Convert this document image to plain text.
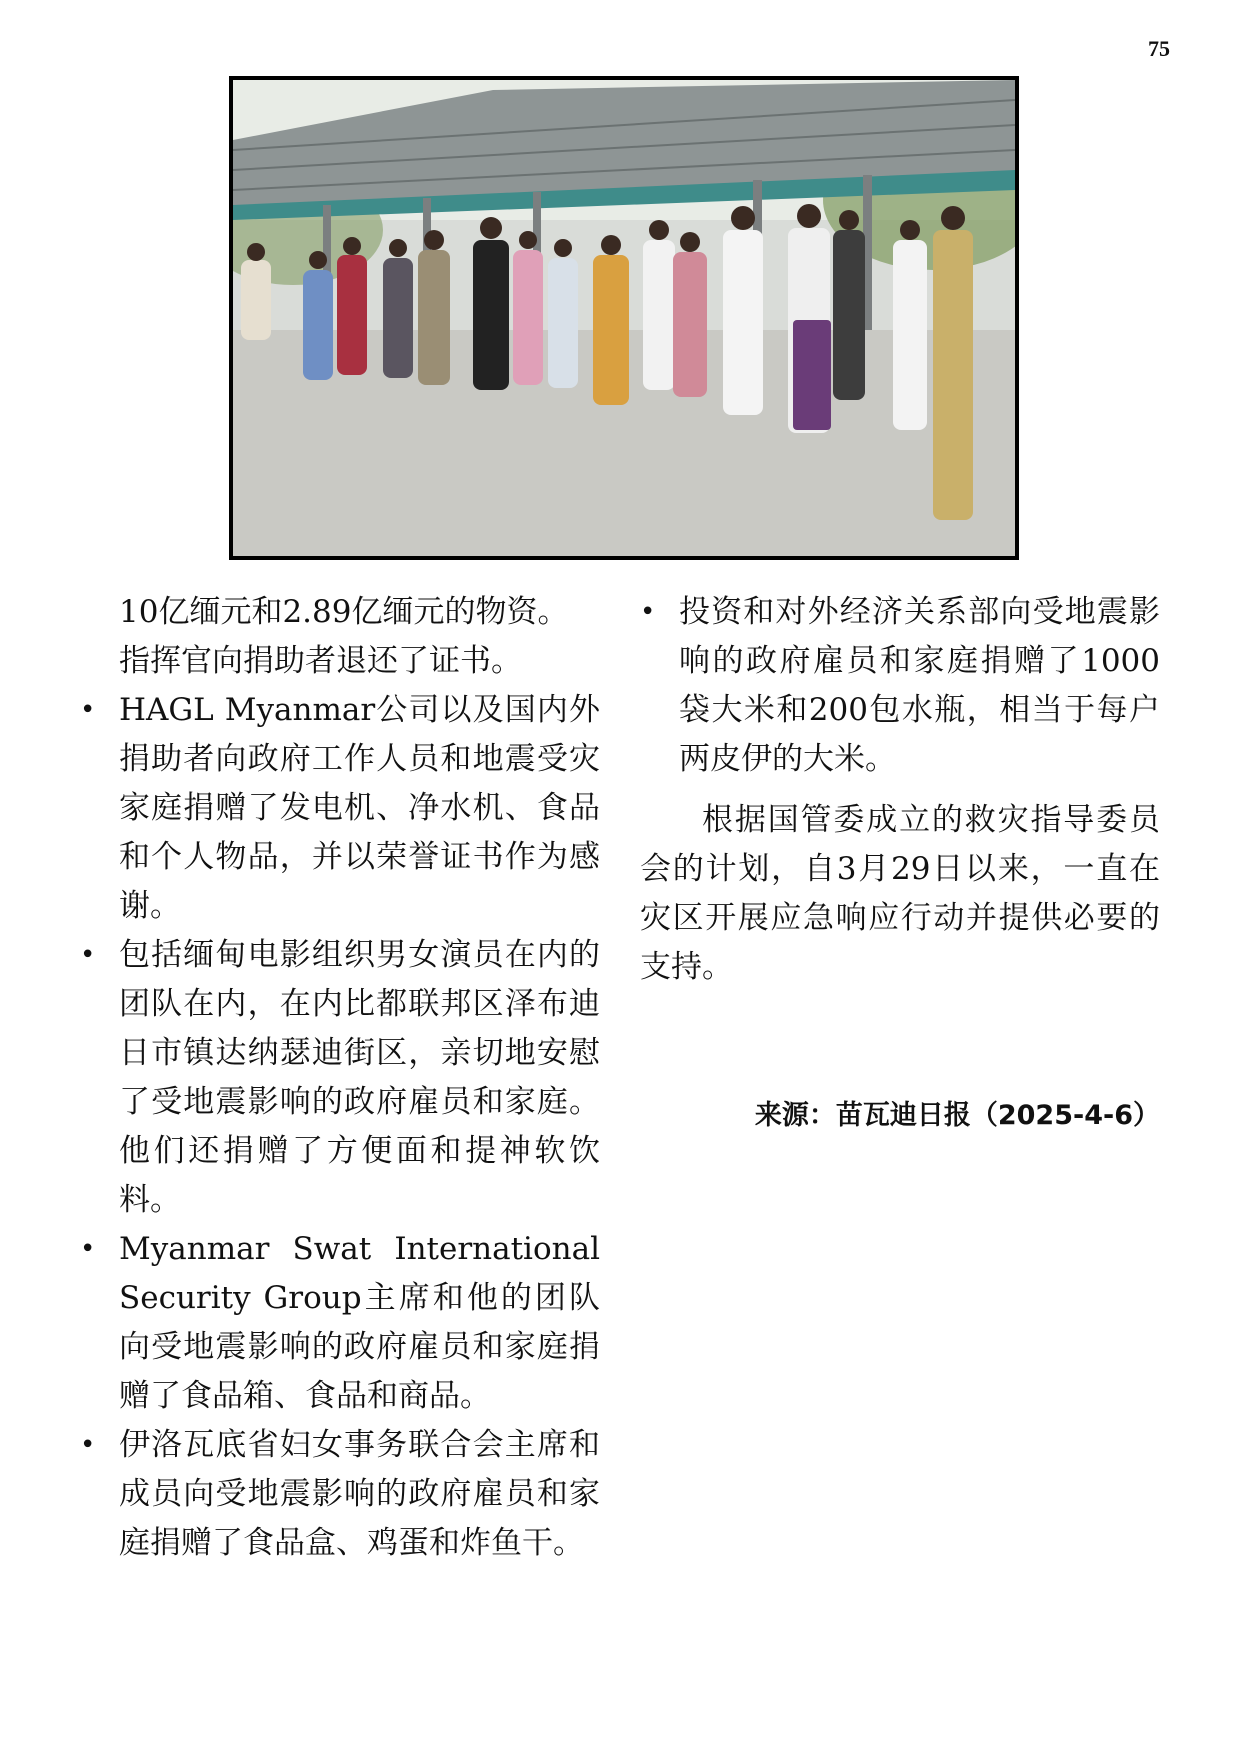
75

10亿缅元和2.89亿缅元的物资。

指挥官向捐助者退还了证书。

• HAGL Myanmar公司以及国内外捐助者向政府工作人员和地震受灾家庭捐赠了发电机、净水机、食品和个人物品，并以荣誉证书作为感谢。
• 包括缅甸电影组织男女演员在内的团队在内，在内比都联邦区泽布迪日市镇达纳瑟迪街区，亲切地安慰了受地震影响的政府雇员和家庭。他们还捐赠了方便面和提神软饮料。
• Myanmar Swat International Security Group主席和他的团队向受地震影响的政府雇员和家庭捐赠了食品箱、食品和商品。
• 伊洛瓦底省妇女事务联合会主席和成员向受地震影响的政府雇员和家庭捐赠了食品盒、鸡蛋和炸鱼干。
• 投资和对外经济关系部向受地震影响的政府雇员和家庭捐赠了1000袋大米和200包水瓶，相当于每户两皮伊的大米。

根据国管委成立的救灾指导委员会的计划，自3月29日以来，一直在灾区开展应急响应行动并提供必要的支持。

来源：苗瓦迪日报（2025-4-6）
